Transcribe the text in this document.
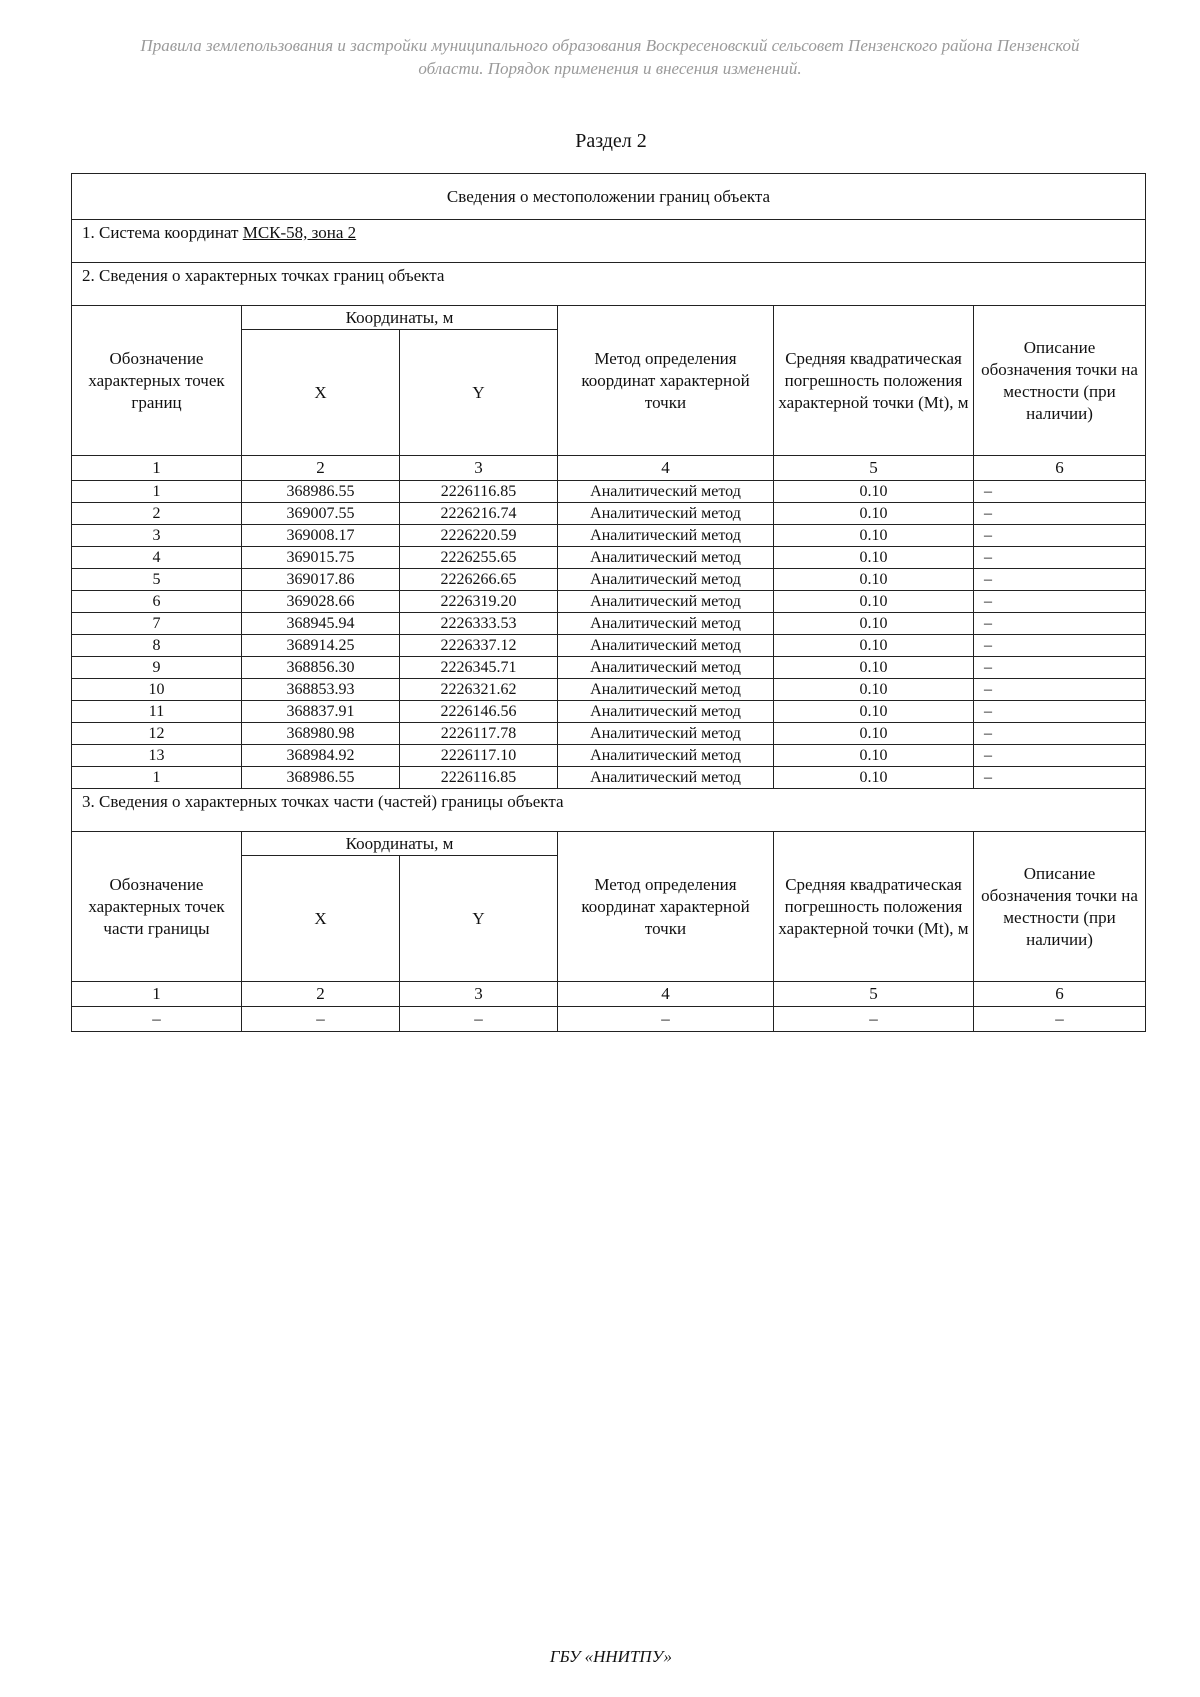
Правила землепользования и застройки муниципального образования Воскресеновский сельсовет Пензенского района Пензенской области. Порядок применения и внесения изменений.
Раздел 2
Сведения о местоположении границ объекта					
1. Система координат МСК-58, зона 2					
2. Сведения о характерных точках границ объекта					
Обозначение характерных точек границ	Координаты, м		Метод определения координат характерной точки	Средняя квадратическая погрешность положения характерной точки (Mt), м	Описание обозначения точки на местности (при наличии)
	X	Y			
1	2	3	4	5	6
1	368986.55	2226116.85	Аналитический метод	0.10	–
2	369007.55	2226216.74	Аналитический метод	0.10	–
3	369008.17	2226220.59	Аналитический метод	0.10	–
4	369015.75	2226255.65	Аналитический метод	0.10	–
5	369017.86	2226266.65	Аналитический метод	0.10	–
6	369028.66	2226319.20	Аналитический метод	0.10	–
7	368945.94	2226333.53	Аналитический метод	0.10	–
8	368914.25	2226337.12	Аналитический метод	0.10	–
9	368856.30	2226345.71	Аналитический метод	0.10	–
10	368853.93	2226321.62	Аналитический метод	0.10	–
11	368837.91	2226146.56	Аналитический метод	0.10	–
12	368980.98	2226117.78	Аналитический метод	0.10	–
13	368984.92	2226117.10	Аналитический метод	0.10	–
1	368986.55	2226116.85	Аналитический метод	0.10	–
3. Сведения о характерных точках части (частей) границы объекта					
Обозначение характерных точек части границы	Координаты, м		Метод определения координат характерной точки	Средняя квадратическая погрешность положения характерной точки (Mt), м	Описание обозначения точки на местности (при наличии)
	X	Y			
1	2	3	4	5	6
–	–	–	–	–	–
ГБУ «ННИТПУ»
